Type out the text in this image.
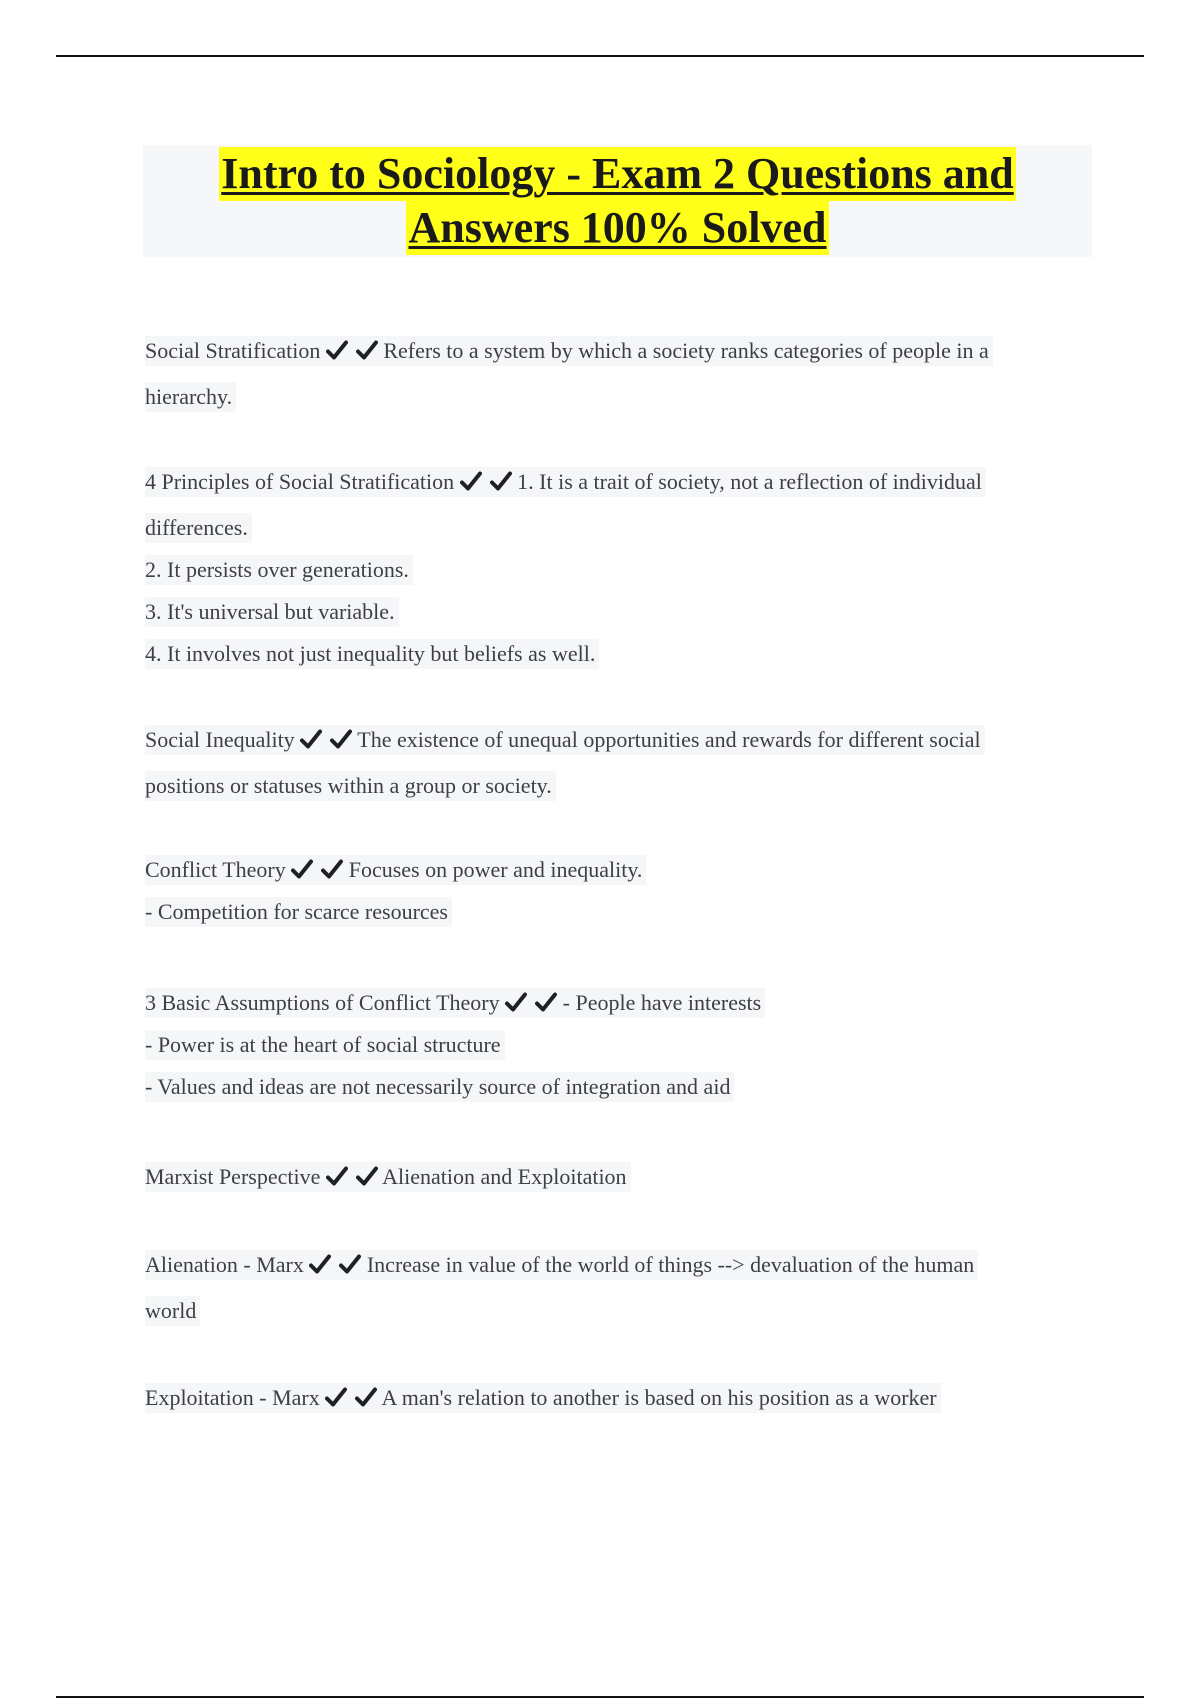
Intro to Sociology - Exam 2 Questions and
Answers 100% Solved
Social Stratification	Refers to a system by which a society ranks categories of people in a
hierarchy.
4 Principles of Social Stratification	1. It is a trait of society, not a reflection of individual
differences.
2. It persists over generations.
3. It's universal but variable.
4. It involves not just inequality but beliefs as well.
Social Inequality	The existence of unequal opportunities and rewards for different social
positions or statuses within a group or society.
Conflict Theory	Focuses on power and inequality.
- Competition for scarce resources
3 Basic Assumptions of Conflict Theory	- People have interests
- Power is at the heart of social structure
- Values and ideas are not necessarily source of integration and aid
Marxist Perspective	Alienation and Exploitation
Alienation - Marx	Increase in value of the world of things --> devaluation of the human
world
Exploitation - Marx	A man's relation to another is based on his position as a worker
